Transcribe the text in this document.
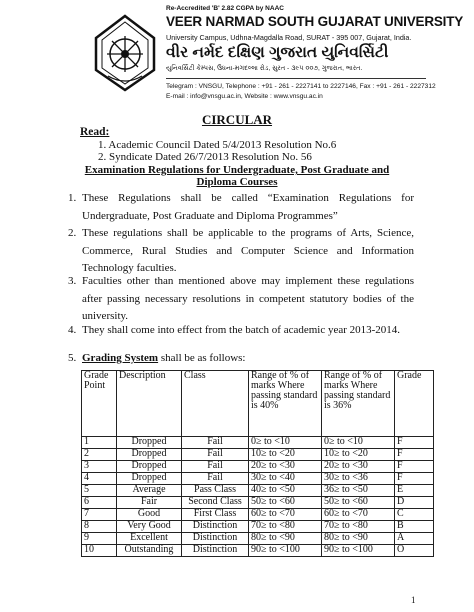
Re-Accredited 'B' 2.82 CGPA by NAAC
VEER NARMAD SOUTH GUJARAT UNIVERSITY
University Campus, Udhna-Magdalla Road, SURAT - 395 007, Gujarat, India.
વીર નર્મદ દક્ષિણ ગુજરાત યુનિવર્સિટી
યુનિવર્સિટી કેમ્પસ, ઉધના-મગદલ્લા રોડ, સુરત - ૩૯૫ ૦૦૭, ગુજરાત, ભારત.
Telegram : VNSGU, Telephone : +91 - 261 - 2227141 to 2227146, Fax : +91 - 261 - 2227312
E-mail : info@vnsgu.ac.in, Website : www.vnsgu.ac.in
CIRCULAR
Read:
1. Academic Council Dated 5/4/2013 Resolution No.6
2. Syndicate Dated 26/7/2013 Resolution No. 56
Examination Regulations for Undergraduate, Post Graduate and
Diploma Courses
1. These Regulations shall be called “Examination Regulations for Undergraduate, Post Graduate and Diploma Programmes”
2. These regulations shall be applicable to the programs of Arts, Science, Commerce, Rural Studies and Computer Science and Information Technology faculties.
3. Faculties other than mentioned above may implement these regulations after passing necessary resolutions in competent statutory bodies of the university.
4. They shall come into effect from the batch of academic year 2013-2014.
5. Grading System shall be as follows:
Grade Point	Description	Class	Range of % of marks Where passing standard is 40%	Range of % of marks Where passing standard is 36%	Grade
1	Dropped	Fail	0≥ to <10	0≥ to <10	F
2	Dropped	Fail	10≥ to <20	10≥ to <20	F
3	Dropped	Fail	20≥ to <30	20≥ to <30	F
4	Dropped	Fail	30≥ to <40	30≥ to <36	F
5	Average	Pass Class	40≥ to <50	36≥ to <50	E
6	Fair	Second Class	50≥ to <60	50≥ to <60	D
7	Good	First Class	60≥ to <70	60≥ to <70	C
8	Very Good	Distinction	70≥ to <80	70≥ to <80	B
9	Excellent	Distinction	80≥ to <90	80≥ to <90	A
10	Outstanding	Distinction	90≥ to <100	90≥ to <100	O
1
